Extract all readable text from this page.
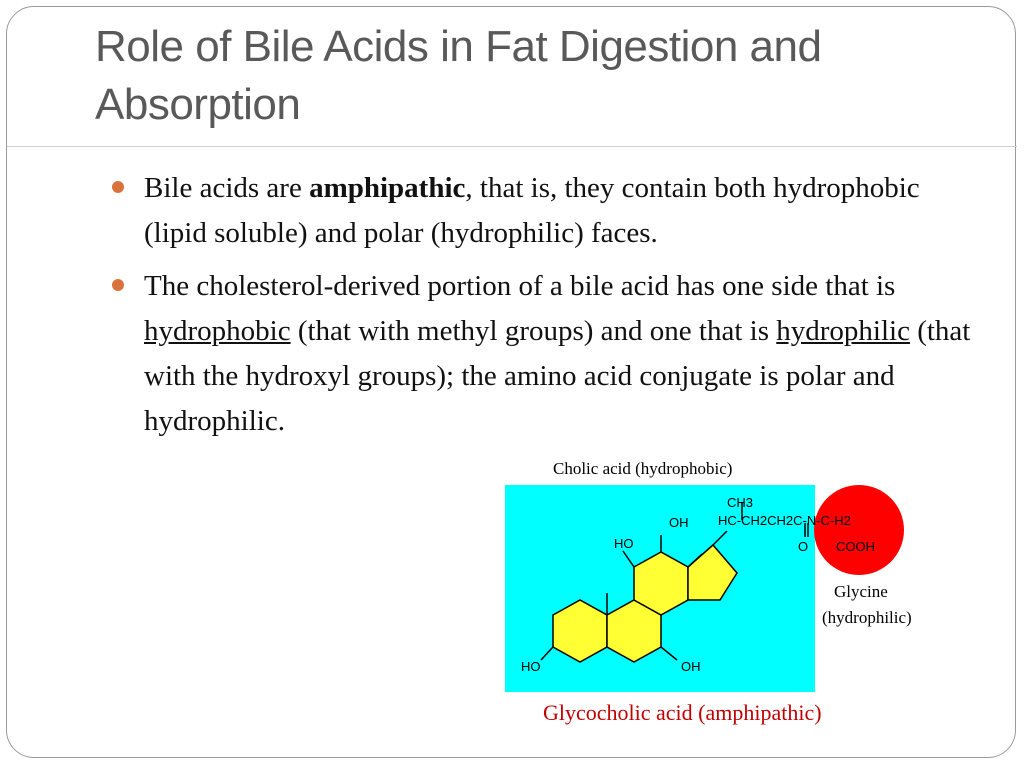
Role of Bile Acids in Fat Digestion and Absorption
Bile acids are amphipathic, that is, they contain both hydrophobic (lipid soluble) and polar (hydrophilic) faces.
The cholesterol-derived portion of a bile acid has one side that is hydrophobic (that with methyl groups) and one that is hydrophilic (that with the hydroxyl groups); the amino acid conjugate is polar and hydrophilic.
Cholic acid (hydrophobic)
CH3
HC-CH2CH2C-N-C-H2
O COOH
OH
HO
HO	OH
Glycine
(hydrophilic)
Glycocholic acid (amphipathic)
